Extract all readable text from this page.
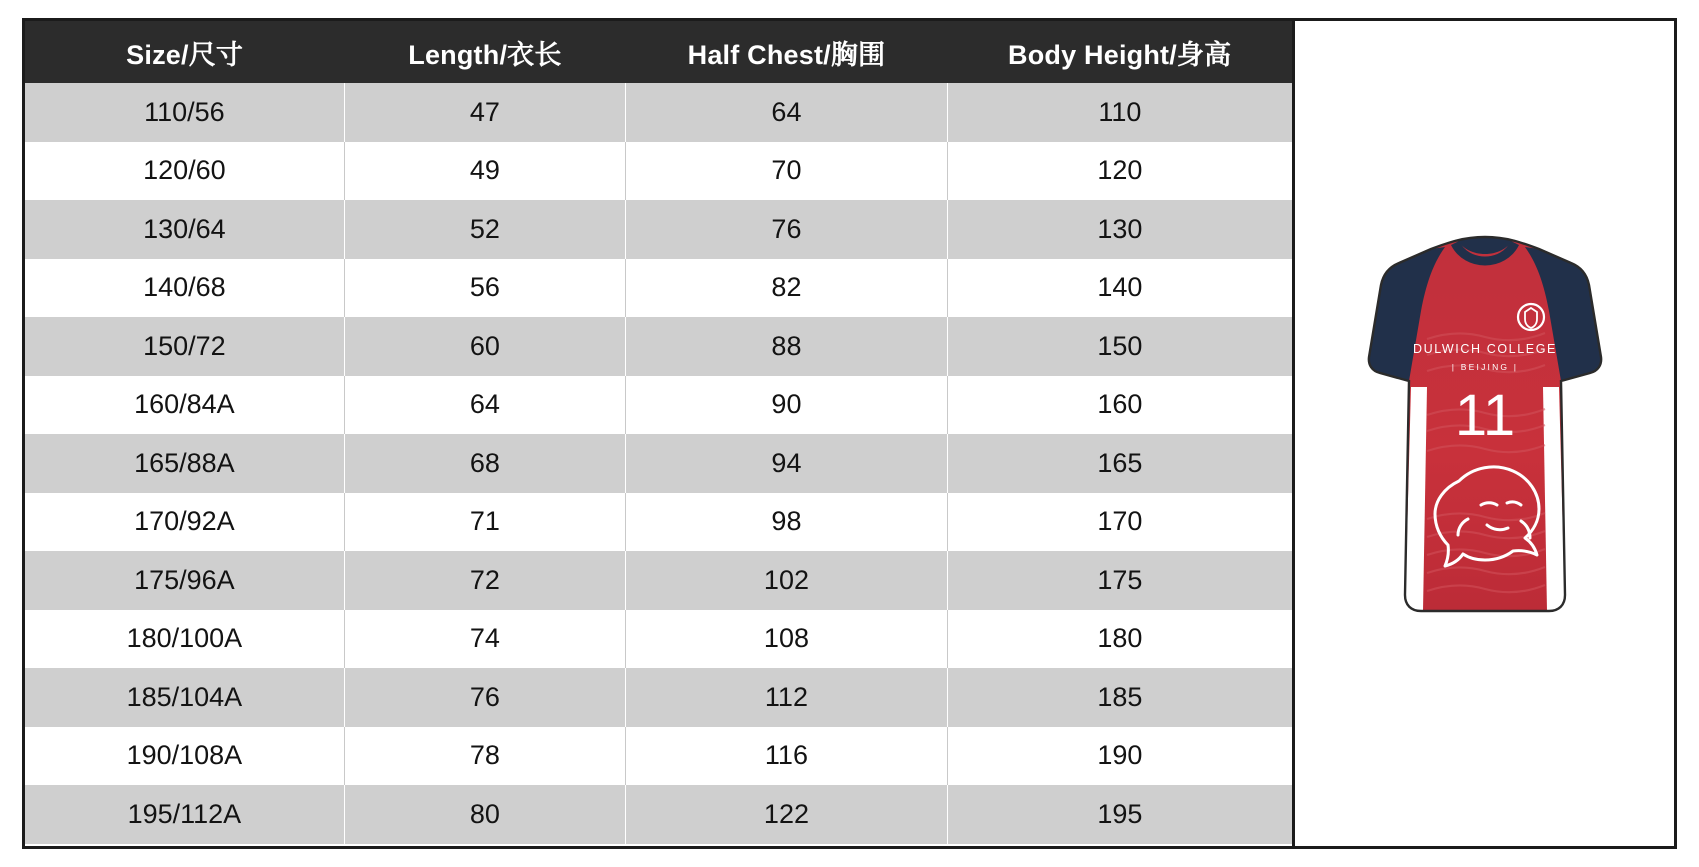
Size/尺寸	Length/衣长	Half Chest/胸围	Body Height/身高
110/56	47	64	110
120/60	49	70	120
130/64	52	76	130
140/68	56	82	140
150/72	60	88	150
160/84A	64	90	160
165/88A	68	94	165
170/92A	71	98	170
175/96A	72	102	175
180/100A	74	108	180
185/104A	76	112	185
190/108A	78	116	190
195/112A	80	122	195
DULWICH COLLEGE
| BEIJING |
11
